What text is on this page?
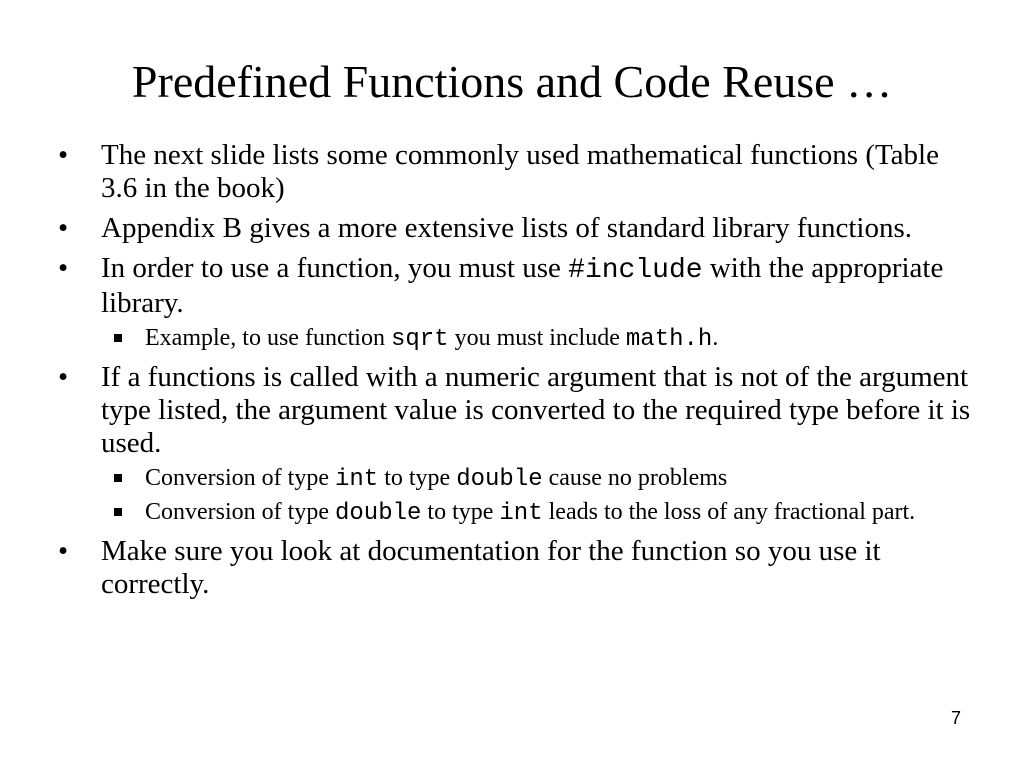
Predefined Functions and Code Reuse …
• The next slide lists some commonly used mathematical functions (Table 3.6 in the book)
• Appendix B gives a more extensive lists of standard library functions.
• In order to use a function, you must use #include with the appropriate library.
Example, to use function sqrt you must include math.h.
• If a functions is called with a numeric argument that is not of the argument type listed, the argument value is converted to the required type before it is used.
Conversion of type int to type double cause no problems
Conversion of type double to type int leads to the loss of any fractional part.
• Make sure you look at documentation for the function so you use it correctly.
7
